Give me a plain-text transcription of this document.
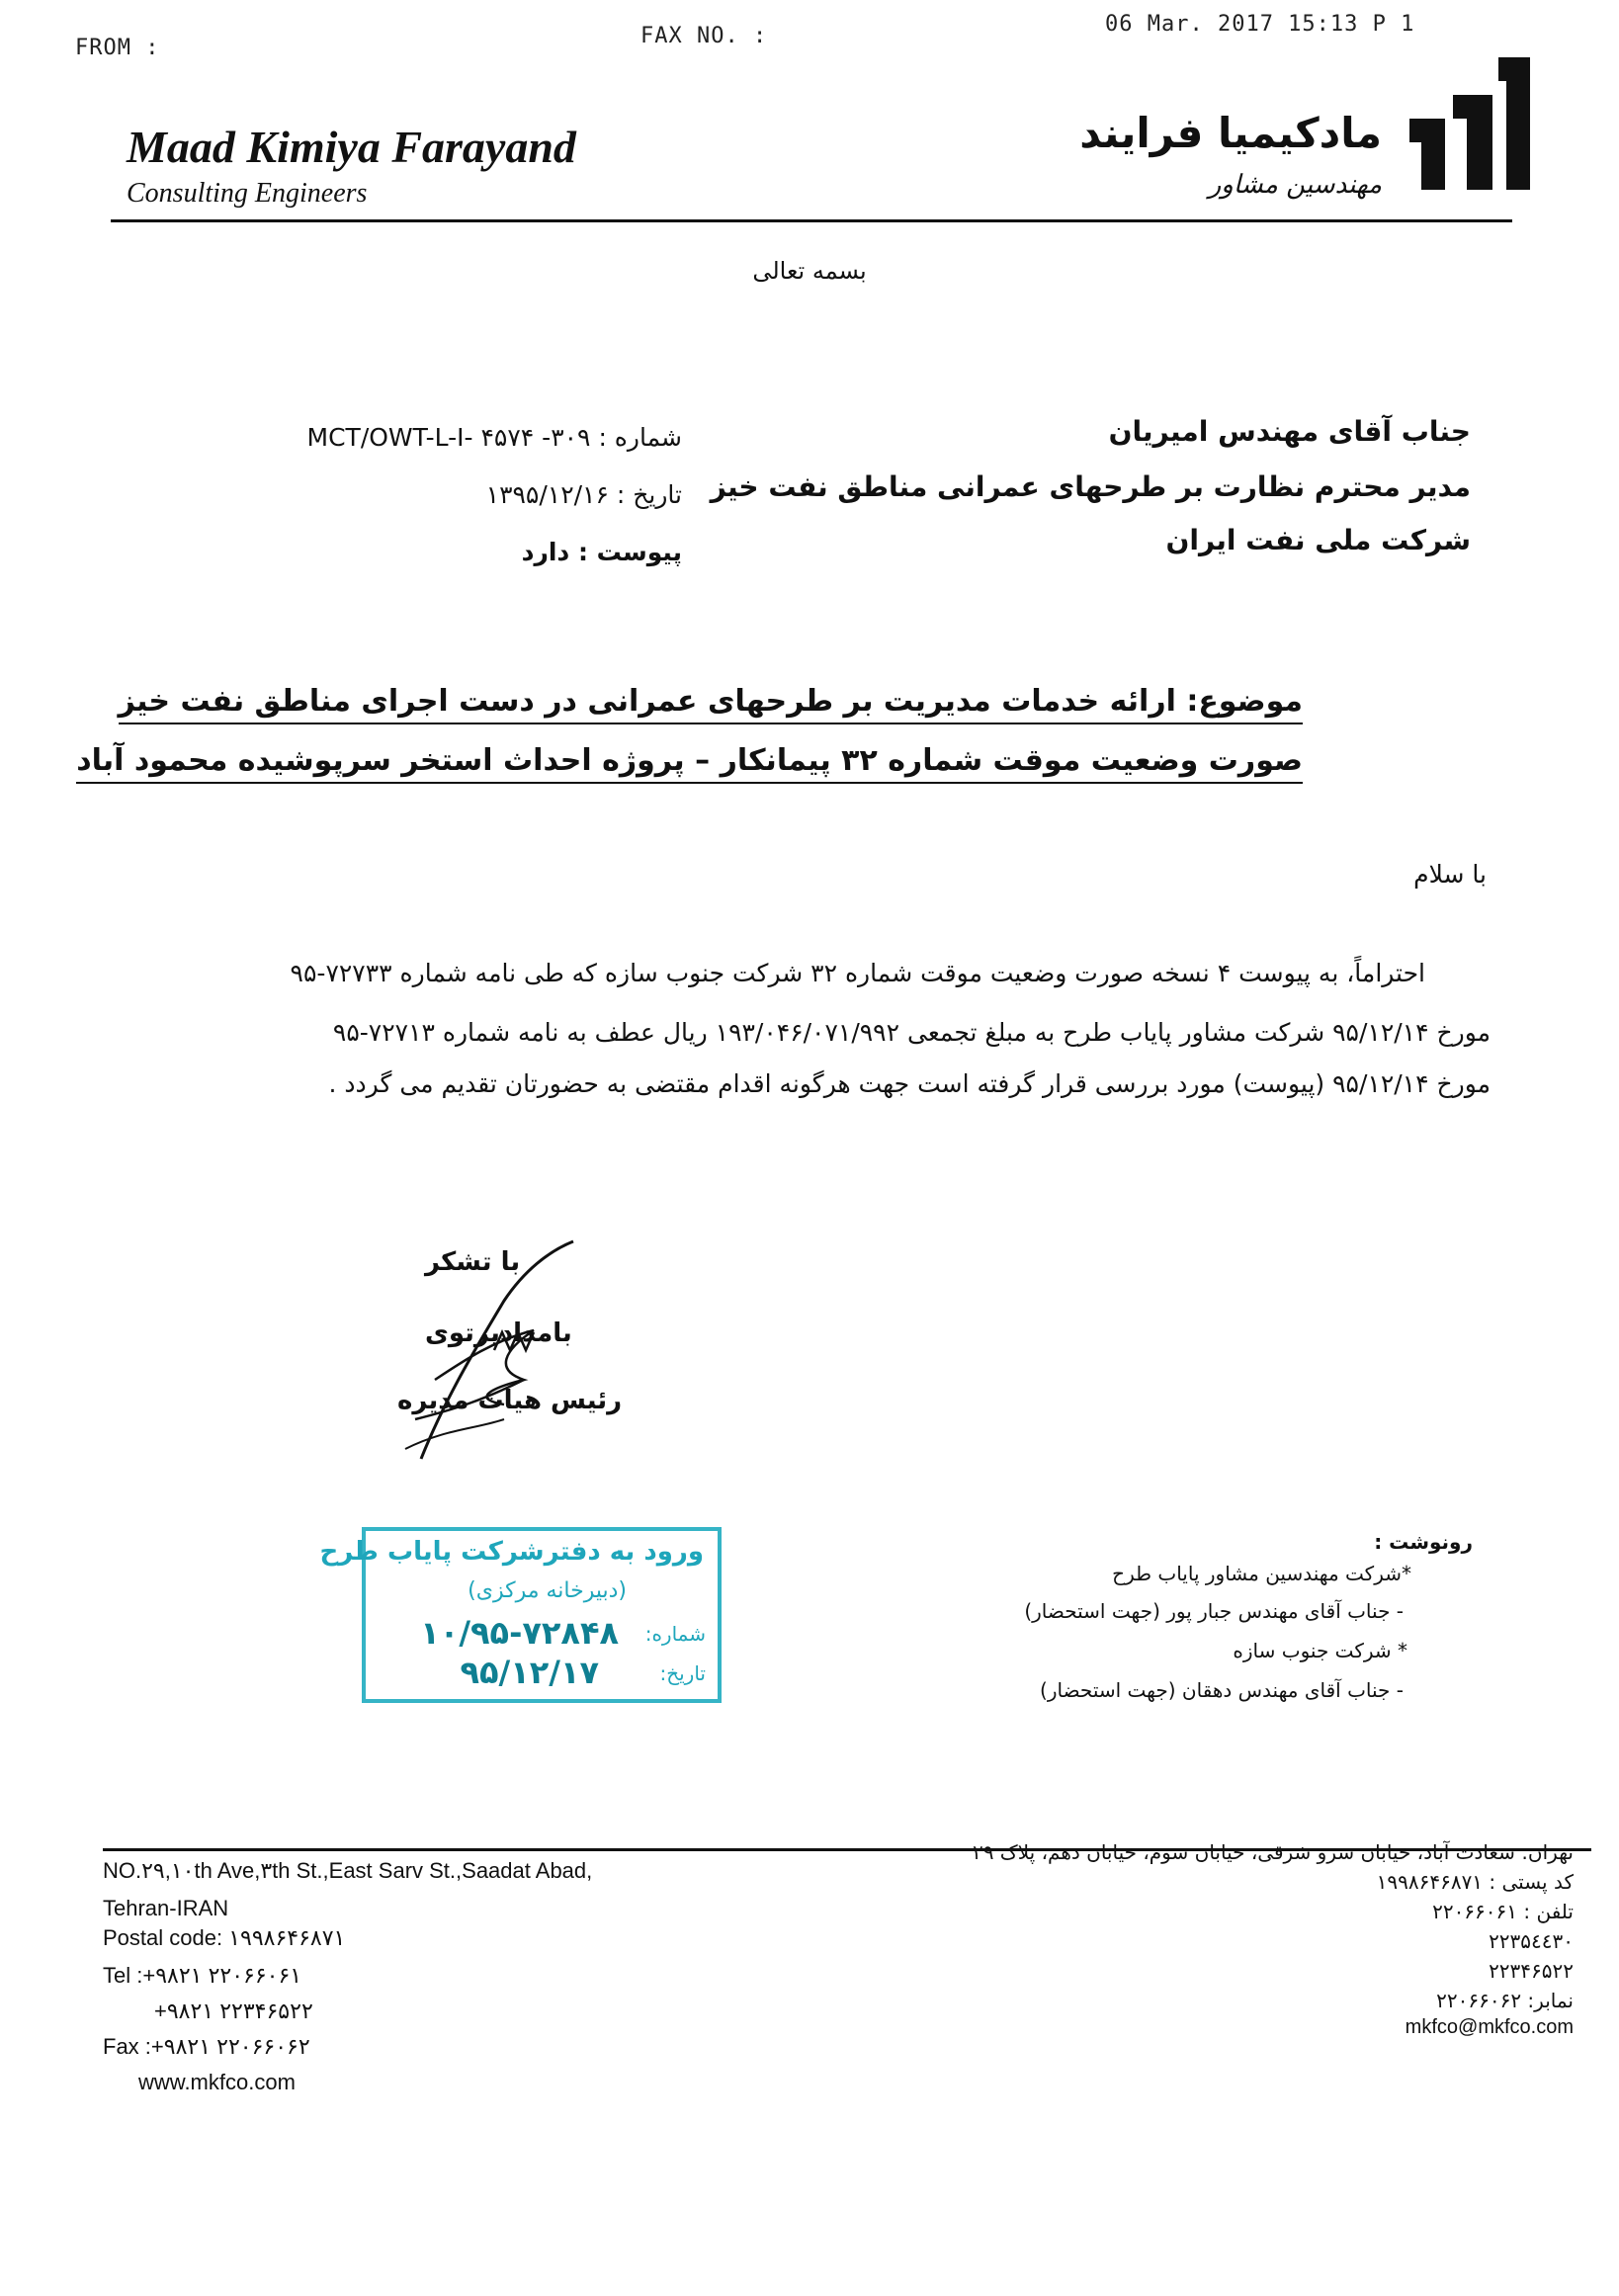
FROM :	FAX NO. :	06 Mar. 2017 15:13 P 1
Maad Kimiya Farayand
Consulting Engineers
مادکیمیا فرایند
مهندسین مشاور
بسمه تعالی
جناب آقای مهندس امیریان
مدیر محترم نظارت بر طرحهای عمرانی مناطق نفت خیز
شرکت ملی نفت ایران
شماره : ۳۰۹- MCT/OWT-L-I- ۴۵۷۴
تاریخ : ۱۳۹۵/۱۲/۱۶
پیوست : دارد
موضوع: ارائه خدمات مدیریت بر طرحهای عمرانی در دست اجرای مناطق نفت خیز
صورت وضعیت موقت شماره ۳۲ پیمانکار – پروژه احداث استخر سرپوشیده محمود آباد
با سلام
احتراماً، به پیوست ۴ نسخه صورت وضعیت موقت شماره ۳۲ شرکت جنوب سازه که طی نامه شماره ۷۲۷۳۳-۹۵
مورخ ۹۵/۱۲/۱۴ شرکت مشاور پایاب طرح به مبلغ تجمعی ۱۹۳/۰۴۶/۰۷۱/۹۹۲ ریال عطف به نامه شماره ۷۲۷۱۳-۹۵
مورخ ۹۵/۱۲/۱۴ (پیوست) مورد بررسی قرار گرفته است جهت هرگونه اقدام مقتضی به حضورتان تقدیم می گردد .
با تشکر
بامدادپرتوی
رئیس هیات مدیره
ورود به دفترشرکت پایاب طرح
(دبیرخانه مرکزی)
شماره:
۱۰/۹۵-۷۲۸۴۸
تاریخ:
۹۵/۱۲/۱۷
رونوشت :
*شرکت مهندسین مشاور پایاب طرح
- جناب آقای مهندس جبار پور (جهت استحضار)
* شرکت جنوب سازه
- جناب آقای مهندس دهقان (جهت استحضار)
NO.۲۹,۱۰th Ave,۳th St.,East Sarv St.,Saadat Abad,
Tehran-IRAN
Postal code: ۱۹۹۸۶۴۶۸۷۱
Tel :+۹۸۲۱ ۲۲۰۶۶۰۶۱
+۹۸۲۱ ۲۲۳۴۶۵۲۲
Fax :+۹۸۲۱ ۲۲۰۶۶۰۶۲
www.mkfco.com
تهران: سعادت آباد، خیابان سرو شرقی، خیابان سوم، خیابان دهم، پلاک ۲۹
کد پستی : ۱۹۹۸۶۴۶۸۷۱
تلفن : ۲۲۰۶۶۰۶۱
۲۲۳۵٤٤۳۰
۲۲۳۴۶۵۲۲
نمابر: ۲۲۰۶۶۰۶۲
mkfco@mkfco.com
